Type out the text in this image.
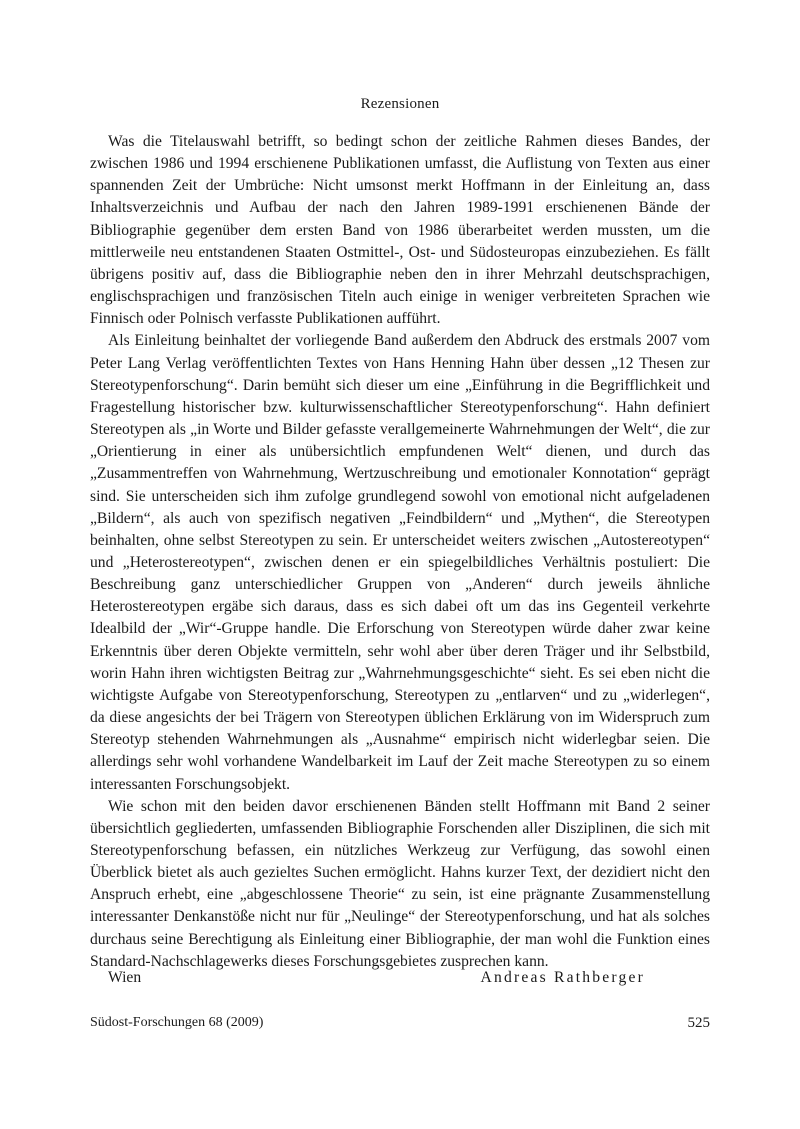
Rezensionen

Was die Titelauswahl betrifft, so bedingt schon der zeitliche Rahmen dieses Bandes, der zwischen 1986 und 1994 erschienene Publikationen umfasst, die Auflistung von Texten aus einer spannenden Zeit der Umbrüche: Nicht umsonst merkt Hoffmann in der Einleitung an, dass Inhaltsverzeichnis und Aufbau der nach den Jahren 1989-1991 erschienenen Bände der Bibliographie gegenüber dem ersten Band von 1986 überarbeitet werden mussten, um die mittlerweile neu entstandenen Staaten Ostmittel-, Ost- und Südosteuropas einzubeziehen. Es fällt übrigens positiv auf, dass die Bibliographie neben den in ihrer Mehrzahl deutschsprachigen, englischsprachigen und französischen Titeln auch einige in weniger verbreiteten Sprachen wie Finnisch oder Polnisch verfasste Publikationen aufführt.

Als Einleitung beinhaltet der vorliegende Band außerdem den Abdruck des erstmals 2007 vom Peter Lang Verlag veröffentlichten Textes von Hans Henning Hahn über dessen „12 Thesen zur Stereotypenforschung“. Darin bemüht sich dieser um eine „Einführung in die Begrifflichkeit und Fragestellung historischer bzw. kulturwissenschaftlicher Stereotypenforschung“. Hahn definiert Stereotypen als „in Worte und Bilder gefasste verallgemeinerte Wahrnehmungen der Welt“, die zur „Orientierung in einer als unübersichtlich empfundenen Welt“ dienen, und durch das „Zusammentreffen von Wahrnehmung, Wertzuschreibung und emotionaler Konnotation“ geprägt sind. Sie unterscheiden sich ihm zufolge grundlegend sowohl von emotional nicht aufgeladenen „Bildern“, als auch von spezifisch negativen „Feindbildern“ und „Mythen“, die Stereotypen beinhalten, ohne selbst Stereotypen zu sein. Er unterscheidet weiters zwischen „Autostereotypen“ und „Heterostereotypen“, zwischen denen er ein spiegelbildliches Verhältnis postuliert: Die Beschreibung ganz unterschiedlicher Gruppen von „Anderen“ durch jeweils ähnliche Heterostereotypen ergäbe sich daraus, dass es sich dabei oft um das ins Gegenteil verkehrte Idealbild der „Wir“-Gruppe handle. Die Erforschung von Stereotypen würde daher zwar keine Erkenntnis über deren Objekte vermitteln, sehr wohl aber über deren Träger und ihr Selbstbild, worin Hahn ihren wichtigsten Beitrag zur „Wahrnehmungsgeschichte“ sieht. Es sei eben nicht die wichtigste Aufgabe von Stereotypenforschung, Stereotypen zu „entlarven“ und zu „widerlegen“, da diese angesichts der bei Trägern von Stereotypen üblichen Erklärung von im Widerspruch zum Stereotyp stehenden Wahrnehmungen als „Ausnahme“ empirisch nicht widerlegbar seien. Die allerdings sehr wohl vorhandene Wandelbarkeit im Lauf der Zeit mache Stereotypen zu so einem interessanten Forschungsobjekt.

Wie schon mit den beiden davor erschienenen Bänden stellt Hoffmann mit Band 2 seiner übersichtlich gegliederten, umfassenden Bibliographie Forschenden aller Disziplinen, die sich mit Stereotypenforschung befassen, ein nützliches Werkzeug zur Verfügung, das sowohl einen Überblick bietet als auch gezieltes Suchen ermöglicht. Hahns kurzer Text, der dezidiert nicht den Anspruch erhebt, eine „abgeschlossene Theorie“ zu sein, ist eine prägnante Zusammenstellung interessanter Denkanstöße nicht nur für „Neulinge“ der Stereotypenforschung, und hat als solches durchaus seine Berechtigung als Einleitung einer Bibliographie, der man wohl die Funktion eines Standard-Nachschlagewerks dieses Forschungsgebietes zusprechen kann.

Wien	Andreas Rathberger
Südost-Forschungen 68 (2009)	525
